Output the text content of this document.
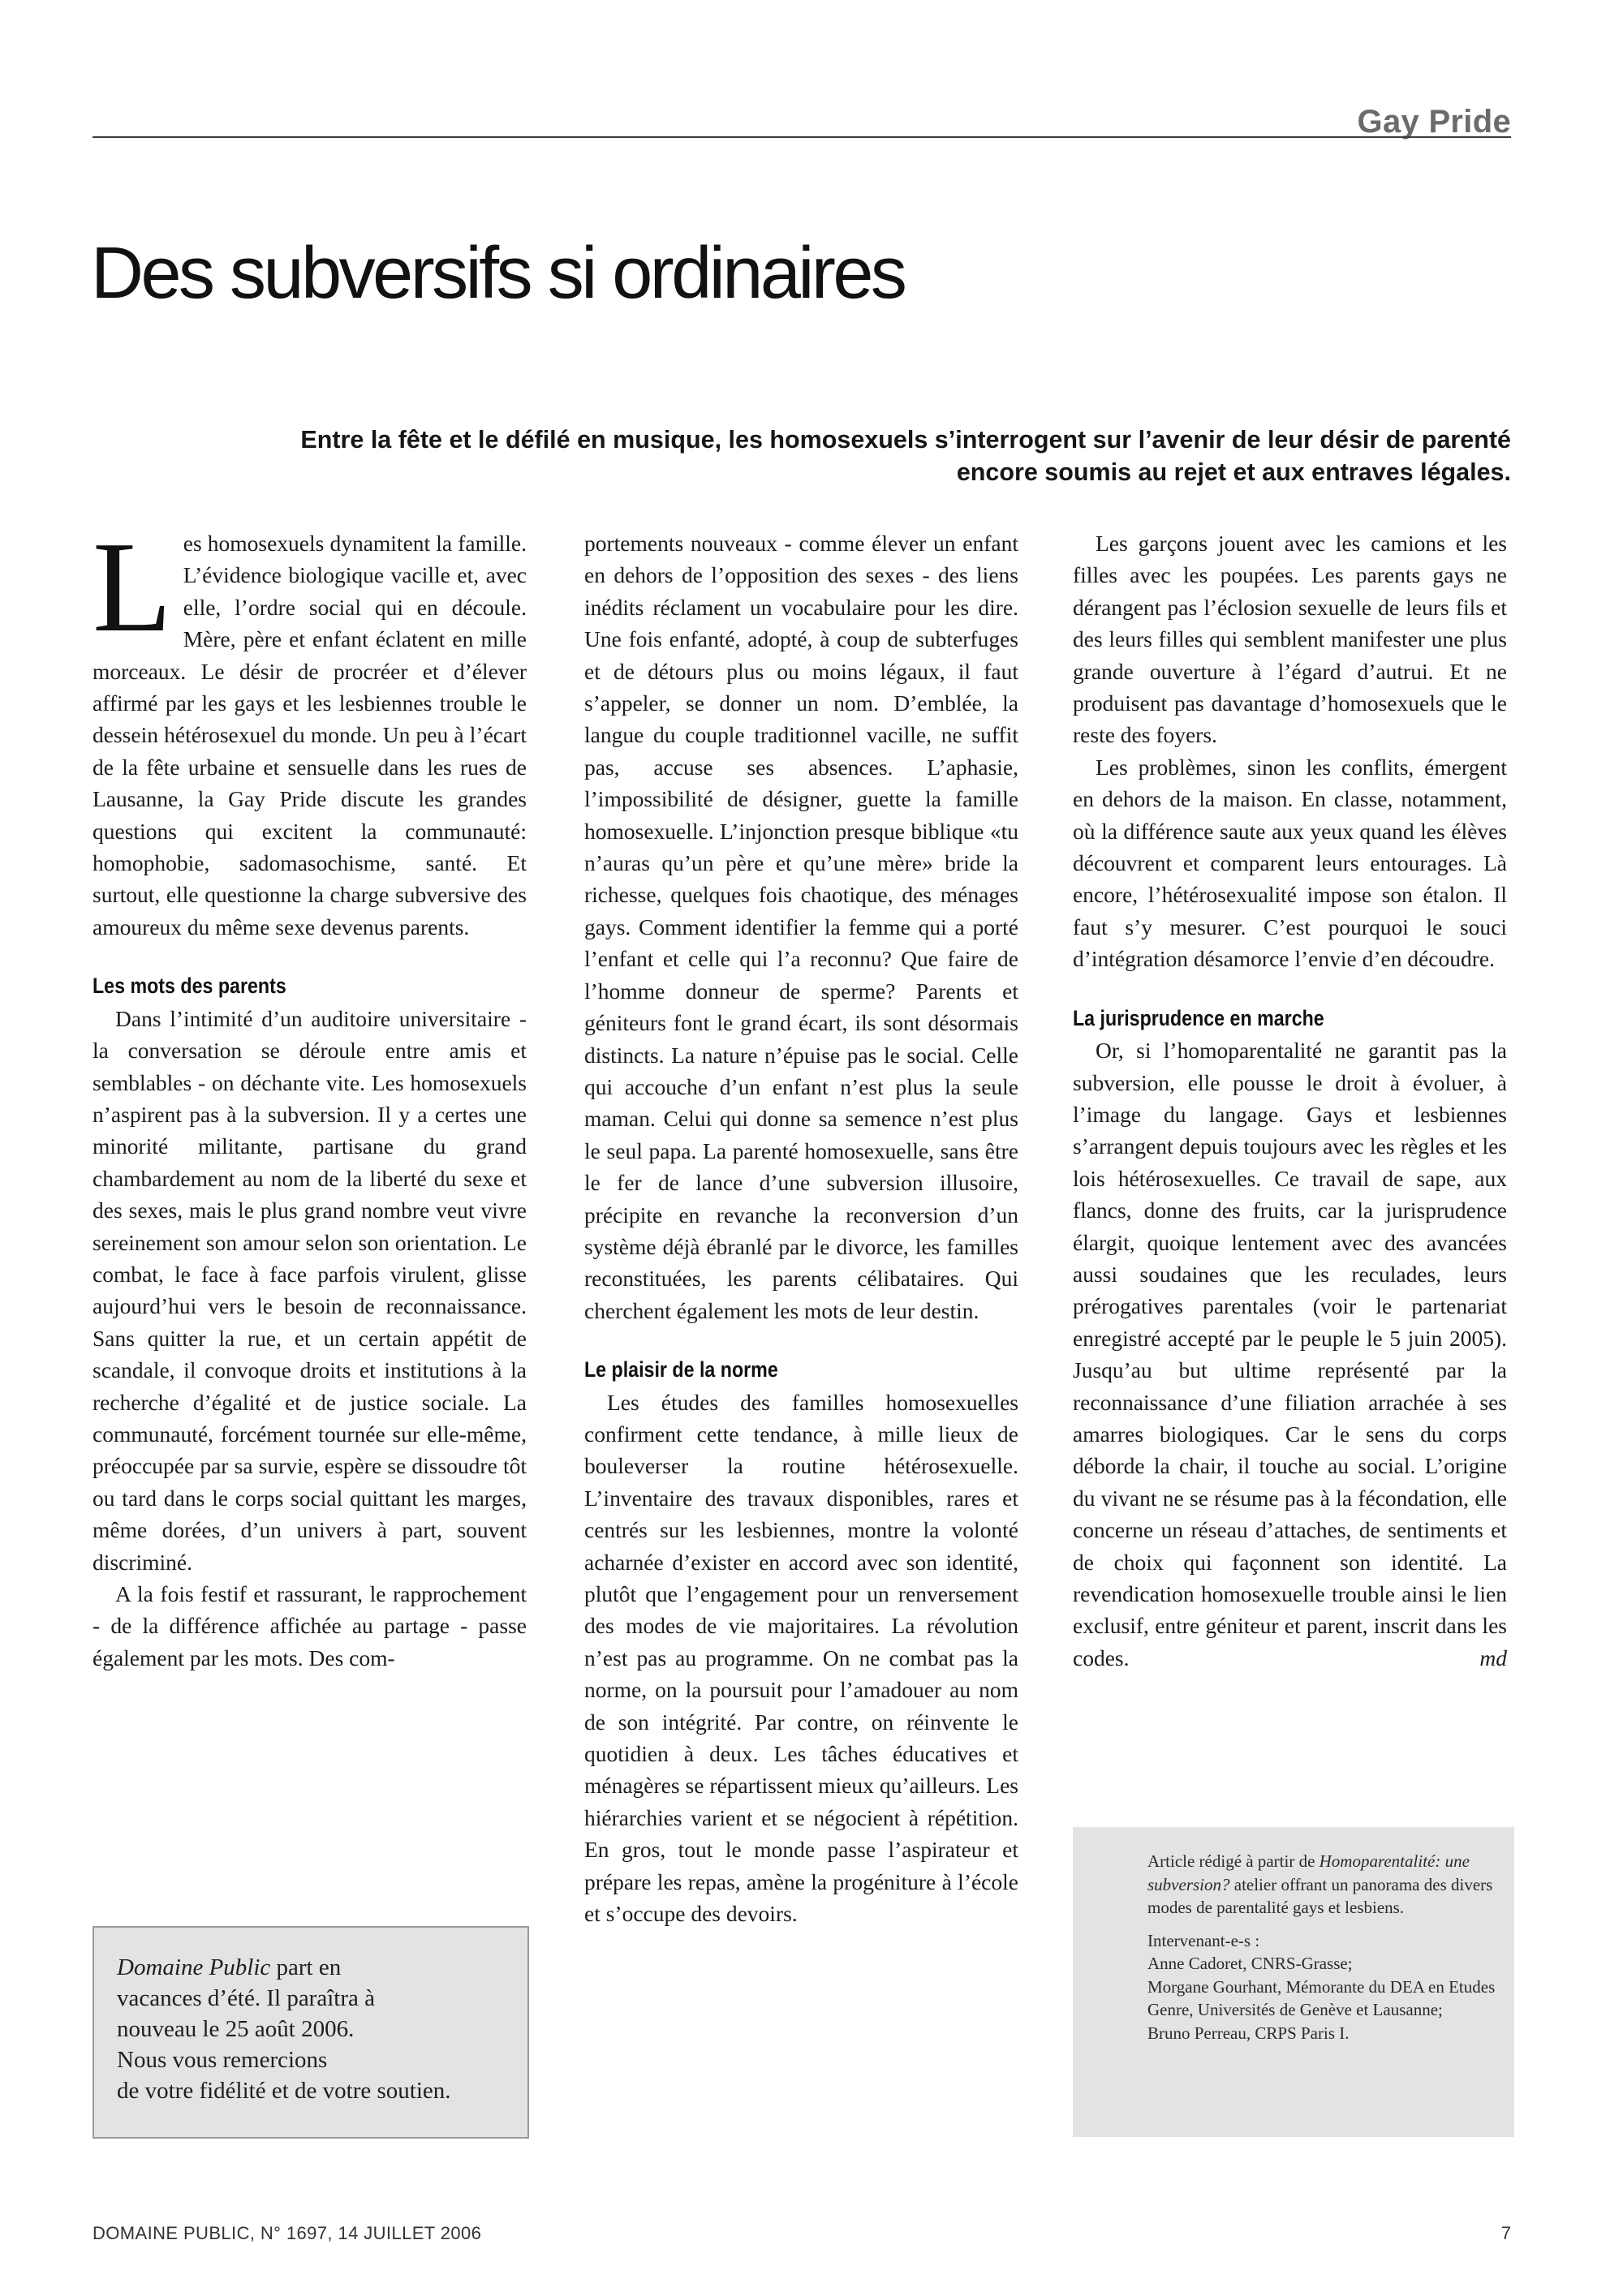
Gay Pride
Des subversifs si ordinaires
Entre la fête et le défilé en musique, les homosexuels s’interrogent sur l’avenir de leur désir de parenté encore soumis au rejet et aux entraves légales.

Les homosexuels dynamitent la famille. L’évidence biologique vacille et, avec elle, l’ordre social qui en découle. Mère, père et enfant éclatent en mille morceaux. Le désir de procréer et d’élever affirmé par les gays et les lesbiennes trouble le dessein hétérosexuel du monde. Un peu à l’écart de la fête urbaine et sensuelle dans les rues de Lausanne, la Gay Pride discute les grandes questions qui excitent la communauté: homophobie, sadomasochisme, santé. Et surtout, elle questionne la charge subversive des amoureux du même sexe devenus parents.

Les mots des parents

Dans l’intimité d’un auditoire universitaire - la conversation se déroule entre amis et semblables - on déchante vite. Les homosexuels n’aspirent pas à la subversion. Il y a certes une minorité militante, partisane du grand chambardement au nom de la liberté du sexe et des sexes, mais le plus grand nombre veut vivre sereinement son amour selon son orientation. Le combat, le face à face parfois virulent, glisse aujourd’hui vers le besoin de reconnaissance. Sans quitter la rue, et un certain appétit de scandale, il convoque droits et institutions à la recherche d’égalité et de justice sociale. La communauté, forcément tournée sur elle-même, préoccupée par sa survie, espère se dissoudre tôt ou tard dans le corps social quittant les marges, même dorées, d’un univers à part, souvent discriminé.

A la fois festif et rassurant, le rapprochement - de la différence affichée au partage - passe également par les mots. Des com-

portements nouveaux - comme élever un enfant en dehors de l’opposition des sexes - des liens inédits réclament un vocabulaire pour les dire. Une fois enfanté, adopté, à coup de subterfuges et de détours plus ou moins légaux, il faut s’appeler, se donner un nom. D’emblée, la langue du couple traditionnel vacille, ne suffit pas, accuse ses absences. L’aphasie, l’impossibilité de désigner, guette la famille homosexuelle. L’injonction presque biblique «tu n’auras qu’un père et qu’une mère» bride la richesse, quelques fois chaotique, des ménages gays. Comment identifier la femme qui a porté l’enfant et celle qui l’a reconnu? Que faire de l’homme donneur de sperme? Parents et géniteurs font le grand écart, ils sont désormais distincts. La nature n’épuise pas le social. Celle qui accouche d’un enfant n’est plus la seule maman. Celui qui donne sa semence n’est plus le seul papa. La parenté homosexuelle, sans être le fer de lance d’une subversion illusoire, précipite en revanche la reconversion d’un système déjà ébranlé par le divorce, les familles reconstituées, les parents célibataires. Qui cherchent également les mots de leur destin.

Le plaisir de la norme

Les études des familles homosexuelles confirment cette tendance, à mille lieux de bouleverser la routine hétérosexuelle. L’inventaire des travaux disponibles, rares et centrés sur les lesbiennes, montre la volonté acharnée d’exister en accord avec son identité, plutôt que l’engagement pour un renversement des modes de vie majoritaires. La révolution n’est pas au programme. On ne combat pas la norme, on la poursuit pour l’amadouer au nom de son intégrité. Par contre, on réinvente le quotidien à deux. Les tâches éducatives et ménagères se répartissent mieux qu’ailleurs. Les hiérarchies varient et se négocient à répétition. En gros, tout le monde passe l’aspirateur et prépare les repas, amène la progéniture à l’école et s’occupe des devoirs.

Les garçons jouent avec les camions et les filles avec les poupées. Les parents gays ne dérangent pas l’éclosion sexuelle de leurs fils et des leurs filles qui semblent manifester une plus grande ouverture à l’égard d’autrui. Et ne produisent pas davantage d’homosexuels que le reste des foyers.

Les problèmes, sinon les conflits, émergent en dehors de la maison. En classe, notamment, où la différence saute aux yeux quand les élèves découvrent et comparent leurs entourages. Là encore, l’hétérosexualité impose son étalon. Il faut s’y mesurer. C’est pourquoi le souci d’intégration désamorce l’envie d’en découdre.

La jurisprudence en marche

Or, si l’homoparentalité ne garantit pas la subversion, elle pousse le droit à évoluer, à l’image du langage. Gays et lesbiennes s’arrangent depuis toujours avec les règles et les lois hétérosexuelles. Ce travail de sape, aux flancs, donne des fruits, car la jurisprudence élargit, quoique lentement avec des avancées aussi soudaines que les reculades, leurs prérogatives parentales (voir le partenariat enregistré accepté par le peuple le 5 juin 2005). Jusqu’au but ultime représenté par la reconnaissance d’une filiation arrachée à ses amarres biologiques. Car le sens du corps déborde la chair, il touche au social. L’origine du vivant ne se résume pas à la fécondation, elle concerne un réseau d’attaches, de sentiments et de choix qui façonnent son identité. La revendication homosexuelle trouble ainsi le lien exclusif, entre géniteur et parent, inscrit dans les codes.	md

Domaine Public part en

vacances d’été. Il paraîtra à

nouveau le 25 août 2006.

Nous vous remercions

de votre fidélité et de votre soutien.

Article rédigé à partir de Homoparentalité: une subversion? atelier offrant un panorama des divers modes de parentalité gays et lesbiens.

Intervenant-e-s :

Anne Cadoret, CNRS-Grasse;

Morgane Gourhant, Mémorante du DEA en Etudes Genre, Universités de Genève et Lausanne;

Bruno Perreau, CRPS Paris I.

DOMAINE PUBLIC, N° 1697, 14 JUILLET 2006	7
